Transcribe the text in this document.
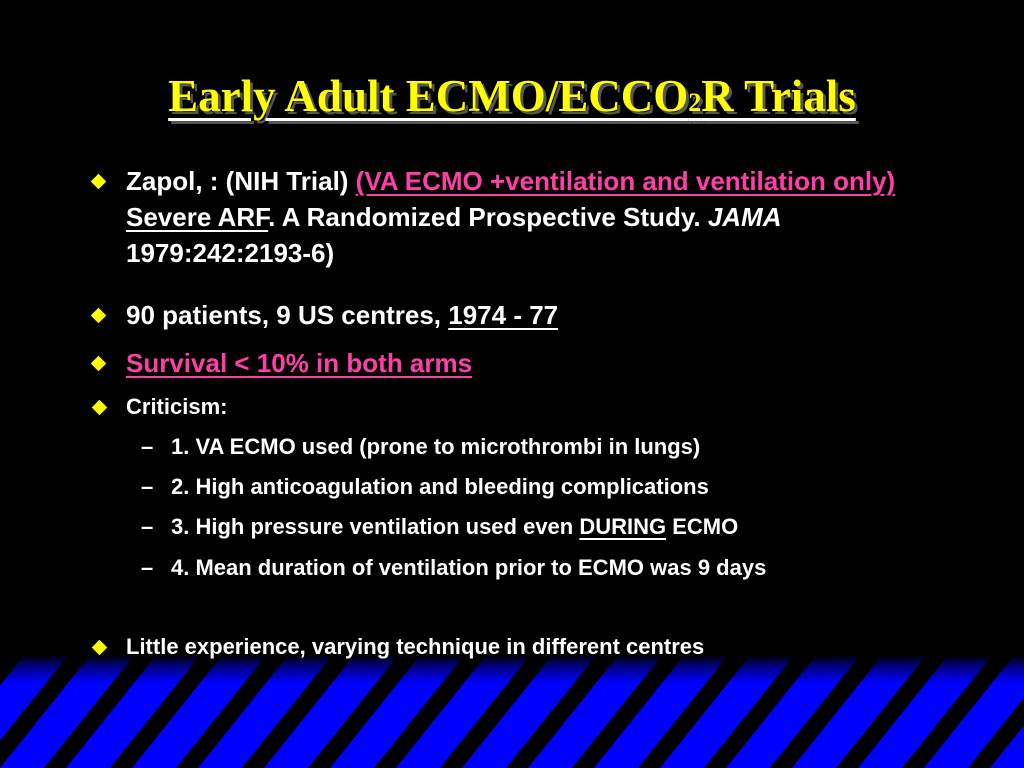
Early Adult ECMO/ECCO2R Trials
Zapol, : (NIH Trial) (VA ECMO +ventilation and ventilation only) Severe ARF. A Randomized Prospective Study. JAMA 1979:242:2193-6)
90 patients, 9 US centres, 1974 - 77
Survival < 10% in both arms
Criticism:
– 1. VA ECMO used (prone to microthrombi in lungs)
– 2. High anticoagulation and bleeding complications
– 3. High pressure ventilation used even DURING ECMO
– 4. Mean duration of ventilation prior to ECMO was 9 days
Little experience, varying technique in different centres
